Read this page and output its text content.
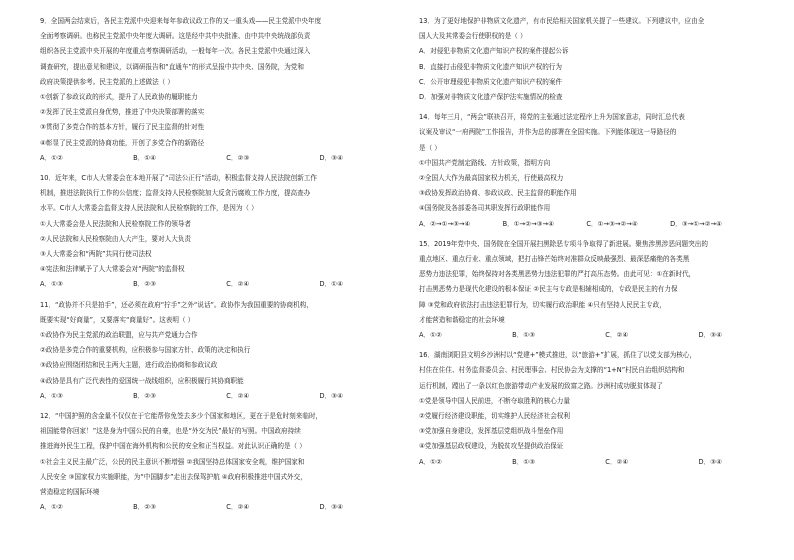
9．全国两会结束后，各民主党派中央迎来每年参政议政工作的又一重头戏——民主党派中央年度
全面考察调研。也称民主党派中央年度大调研。这是经中共中央批准、由中共中央统战部负责
组织各民主党派中央开展的年度重点考察调研活动，一般每年一次。各民主党派中央通过深入
调查研究，提出意见和建议，以调研报告和“直通车”的形式呈报中共中央、国务院，为党和
政府决策提供参考。民主党派的上述做法（ ）
①创新了参政议政的形式，提升了人民政协的履职能力
②发挥了民主党派自身优势，推进了中央决策部署的落实
③贯彻了多党合作的基本方针，履行了民主监督的针对性
④彰显了民主党派的协商功能，开创了多党合作的新路径
A．①②	B．①④	C．②③	D．③④
10．近年来，C市人大常委会在本地开展了“司法公正行”活动，积极监督支持人民法院创新工作
机制，推进法院执行工作的公信度；监督支持人民检察院加大反贪污腐败工作力度，提高查办
水平。C市人大常委会监督支持人民法院和人民检察院的工作，是因为（ ）
①人大常委会是人民法院和人民检察院工作的领导者
②人民法院和人民检察院由人大产生，要对人大负责
③人大常委会和“两院”共同行使司法权
④宪法和法律赋予了人大常委会对“两院”的监督权
A．①③	B．②③	C．②④	D．①④
11．“政协并不只是拍手”，还必须在政府“拧手”之外“说话”。政协作为我国重要的协商机构，
既要实现“好商量”，又要落实“商量好”。这表明（ ）
①政协作为民主党派的政治联盟，应与共产党通力合作
②政协是多党合作的重要机构，应积极参与国家方针、政策的决定和执行
③政协应围绕团结和民主两大主题，进行政治协商和参政议政
④政协是具有广泛代表性的爱国统一战线组织，应积极履行其协商职能
A．①③	B．②③	C．②④	D．③④
12．“中国护照的含金量不仅仅在于它能帮你免签去多少个国家和地区，更在于是危时刻来临时，
祖国能带你回家！”这是身为中国公民的自豪，也是“外交为民”最好的写照。中国政府持续
推进海外民生工程，保护中国在海外机构和公民的安全和正当权益。对此认识正确的是（ ）
①社会主义民主最广泛，公民的民主意识不断增强 ②我国坚持总体国家安全观，维护国家和
人民安全 ③国家权力实施职能，为“中国脚步”走出去保驾护航 ④政府积极推进中国式外交，
营造稳定的国际环境
A．①②	B．②③	C．②④	D．③④
13．为了更好地保护非物质文化遗产，有市民给相关国家机关提了一些建议。下列建议中，应由全
国人大及其常委会行使职权的是（ ）
A．对侵犯非物质文化遗产知识产权的案件提起公诉
B．直接打击侵犯非物质文化遗产知识产权的行为
C．公开审理侵犯非物质文化遗产知识产权的案件
D．加强对非物质文化遗产保护法实施情况的检查
14．每年三月，“两会”联袂召开，将党的主张通过法定程序上升为国家意志，同时汇总代表
议案及审议“一府两院”工作报告，并作为总的部署在全国实施。下列能体现这一导路径的
是（ ）
①中国共产党制定路线、方针政策，指明方向
②全国人大作为最高国家权力机关，行使最高权力
③政协发挥政治协商、参政议政、民主监督的职能作用
④国务院及各部委各司其职发挥行政职能作用
A．②→①→③→④	B．①→②→③→④	C．①→③→②→④	D．③→①→②→④
15．2019年党中央、国务院在全国开展扫黑除恶专项斗争取得了新进展。聚焦涉黑涉恶问题突出的
重点地区、重点行业、重点领域，把打击锋芒始终对准群众反映最强烈、最深恶痛绝的各类黑
恶势力违法犯罪，始终保持对各类黑恶势力违法犯罪的严打高压态势。由此可见：①在新时代，
打击黑恶势力是现代化建设的根本保证 ②民主与专政是相辅相成的，专政是民主的有力保
障 ③党和政府依法打击违法犯罪行为，切实履行政治职能 ④只有坚持人民民主专政，
才能营造和谐稳定的社会环境
A．①②	B．①③	C．②④	D．③④
16．湖南浏阳县文明乡沙洲村以“党建+”模式推进，以“旅游+”扩展，抓住了以党支部为核心，
村住在住住、村务监督委员会、村民理事会、村民协会为支撑的“1+N”村民自治组织结构和
运行机制，蹚出了一条以红色旅游带动产业发展的致富之路。沙洲村成功脱贫体现了
①党是领导中国人民前进，不断夺取胜利的核心力量
②党履行经济建设职能，切实维护人民经济社会权利
③党加强自身建设，发挥基层党组织战斗堡垒作用
④党加强基层政权建设，为脱贫攻坚提供政治保证
A．①②	B．①③	C．②④	D．③④
